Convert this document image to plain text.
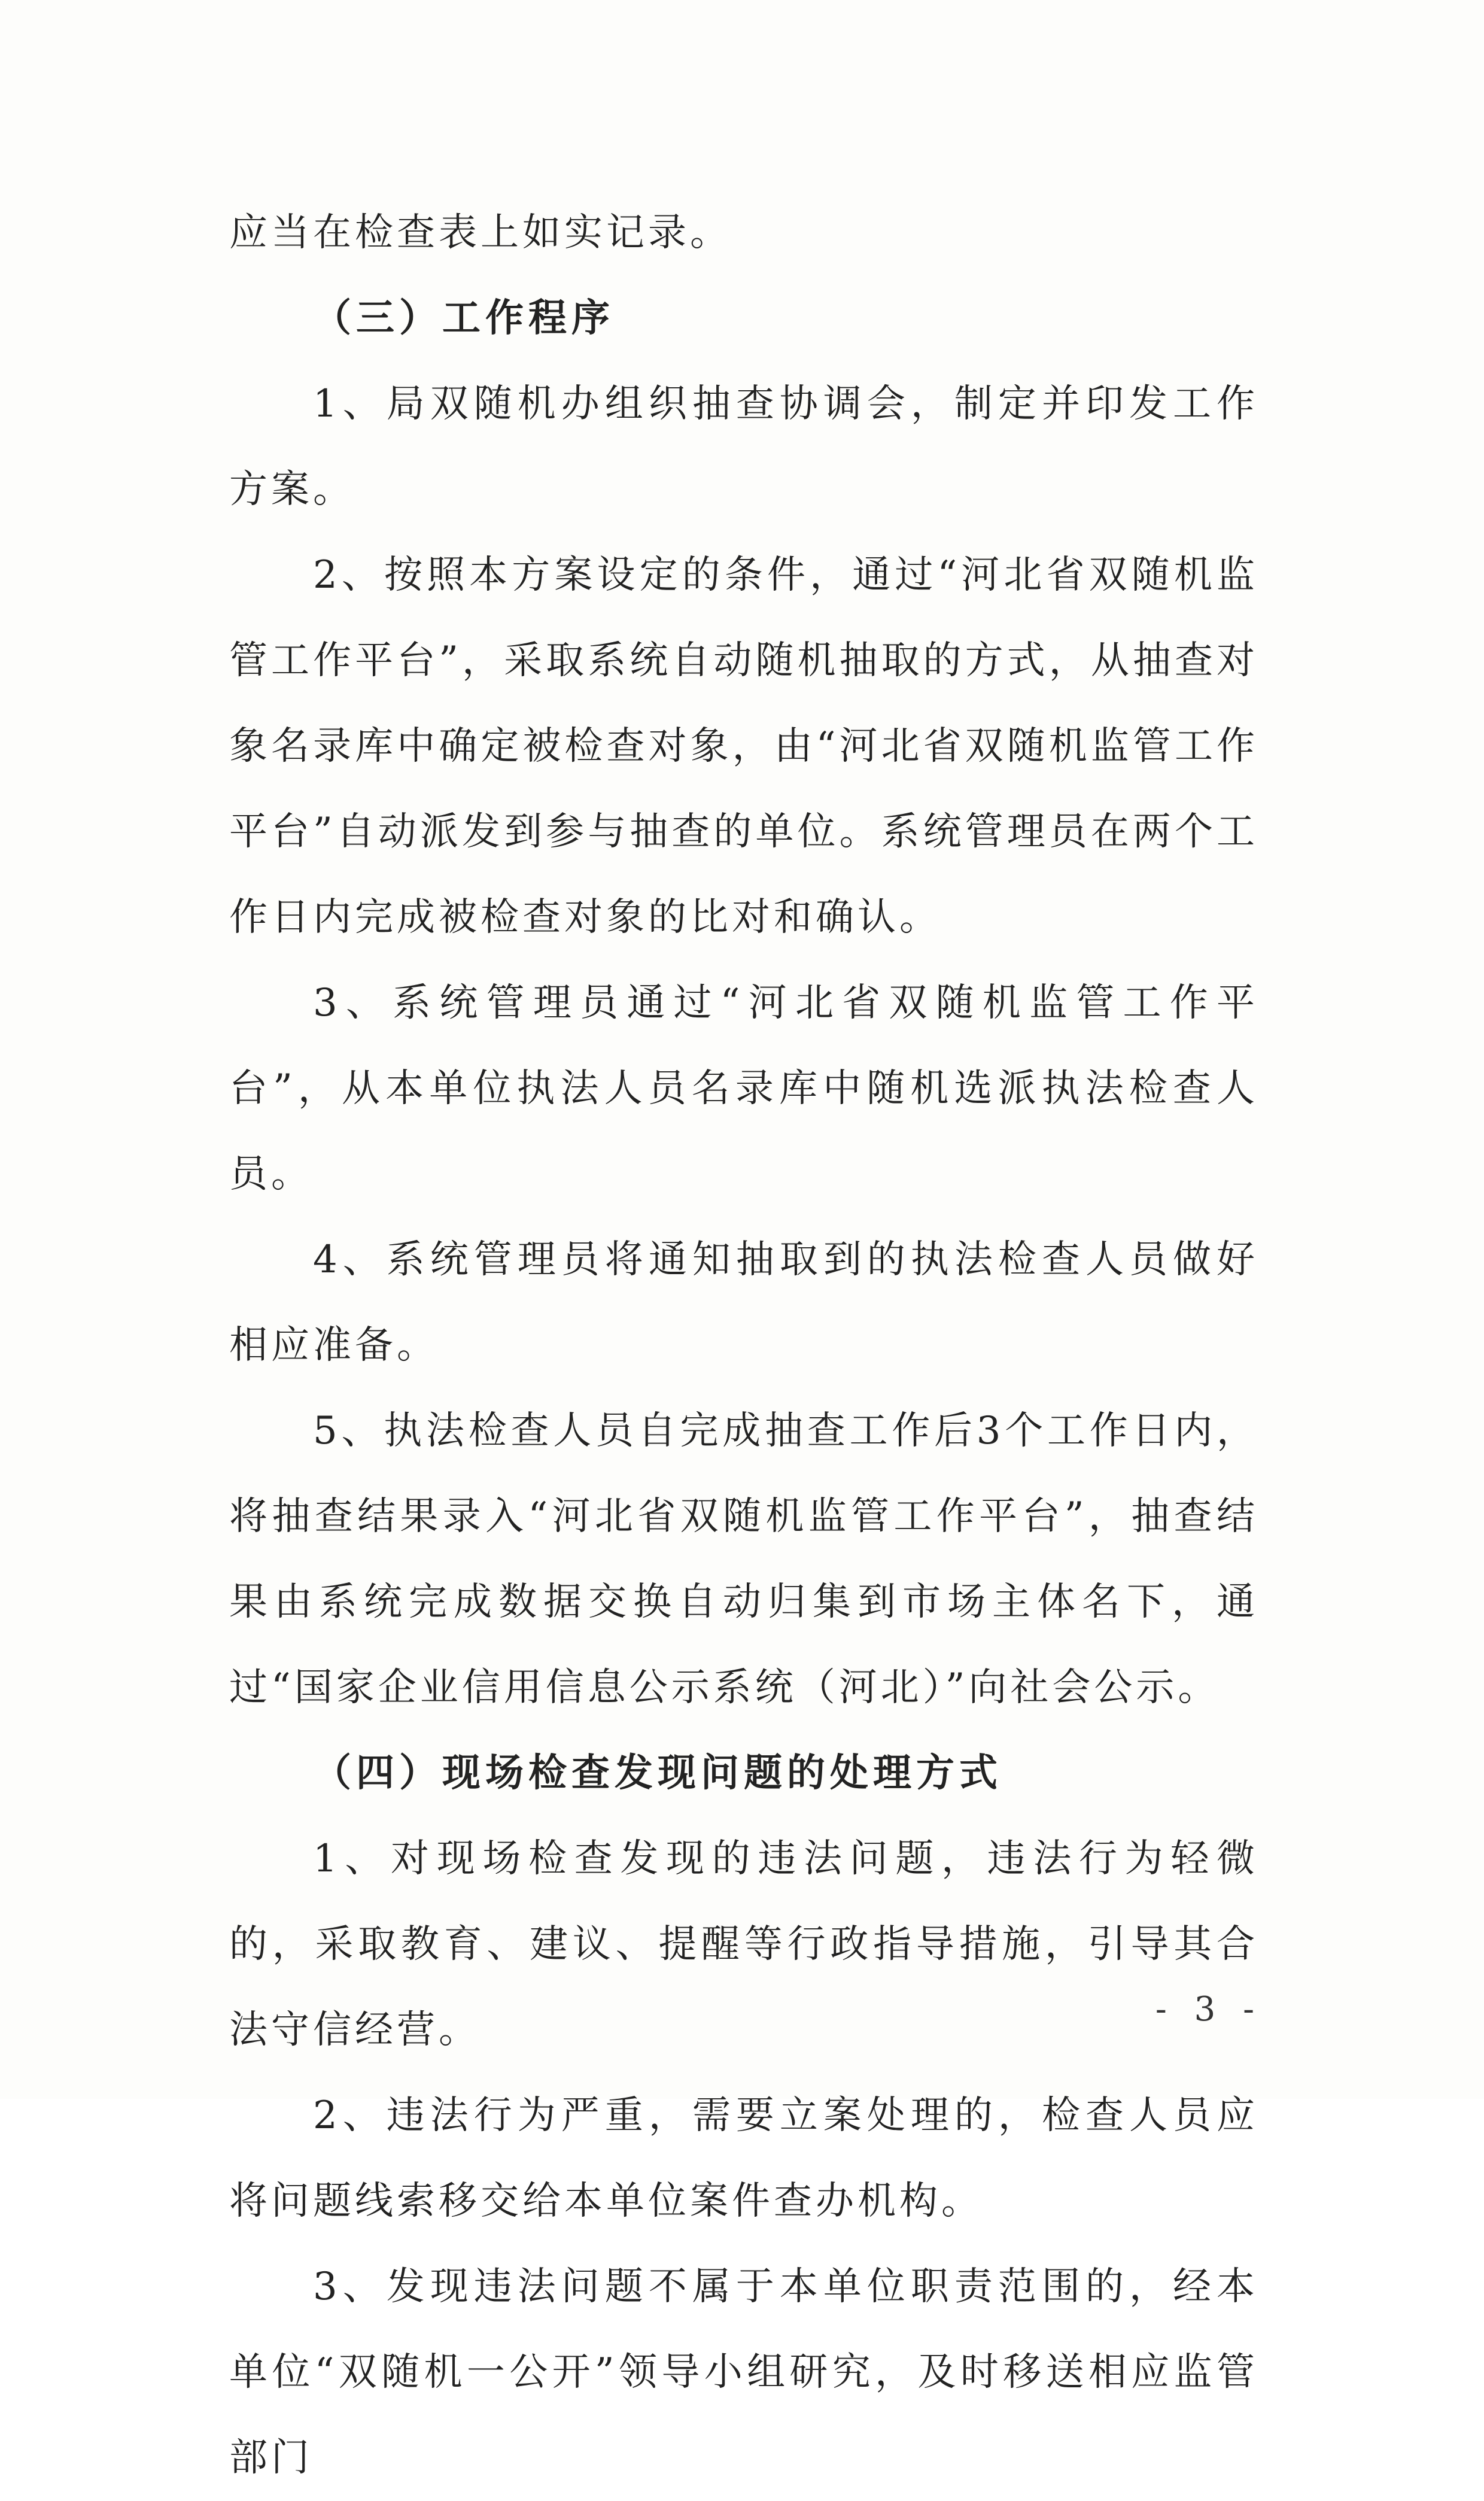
应当在检查表上如实记录。

（三）工作程序

1、局双随机办组织抽查协调会，制定并印发工作方案。

2、按照本方案设定的条件，通过“河北省双随机监管工作平台”，采取系统自动随机抽取的方式，从抽查对象名录库中确定被检查对象，由“河北省双随机监管工作平台”自动派发到参与抽查的单位。系统管理员在两个工作日内完成被检查对象的比对和确认。

3、系统管理员通过“河北省双随机监管工作平台”，从本单位执法人员名录库中随机选派执法检查人员。

4、系统管理员将通知抽取到的执法检查人员做好相应准备。

5、执法检查人员自完成抽查工作后3个工作日内，将抽查结果录入“河北省双随机监管工作平台”，抽查结果由系统完成数据交换自动归集到市场主体名下，通过“国家企业信用信息公示系统（河北）”向社会公示。

（四）现场检查发现问题的处理方式

1、对现场检查发现的违法问题，违法行为轻微的，采取教育、建议、提醒等行政指导措施，引导其合法守信经营。

2、违法行为严重，需要立案处理的，检查人员应将问题线索移交给本单位案件查办机构。

3、发现违法问题不属于本单位职责范围的，经本单位“双随机一公开”领导小组研究，及时移送相应监管部门

- 3 -
